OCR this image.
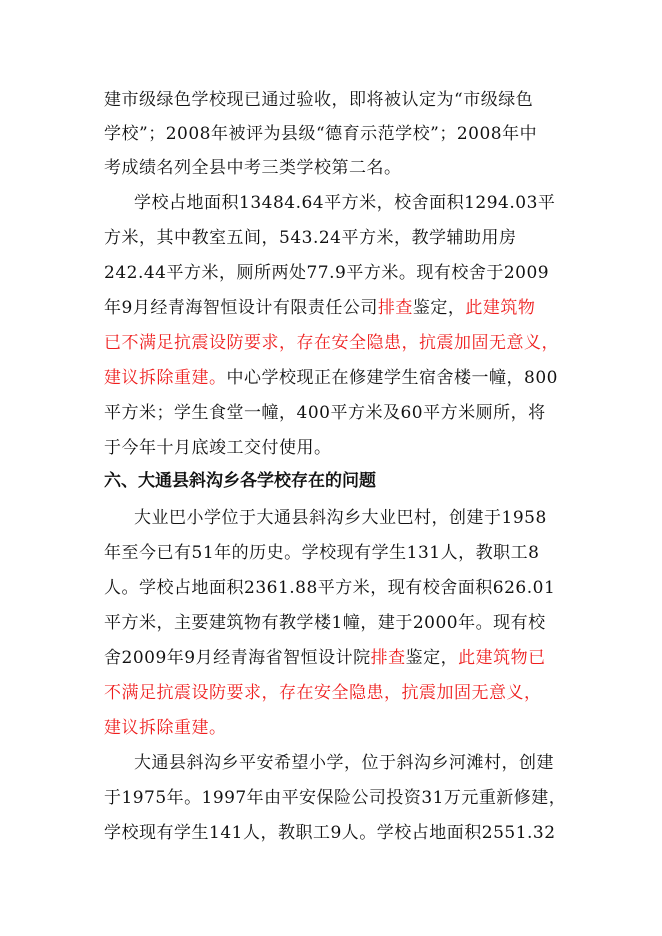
建市级绿色学校现已通过验收，即将被认定为“市级绿色
学校”；2008年被评为县级“德育示范学校”；2008年中
考成绩名列全县中考三类学校第二名。
学校占地面积13484.64平方米，校舍面积1294.03平
方米，其中教室五间，543.24平方米，教学辅助用房
242.44平方米，厕所两处77.9平方米。现有校舍于2009
年9月经青海智恒设计有限责任公司排查鉴定，此建筑物
已不满足抗震设防要求，存在安全隐患，抗震加固无意义，
建议拆除重建。中心学校现正在修建学生宿舍楼一幢，800
平方米；学生食堂一幢，400平方米及60平方米厕所，将
于今年十月底竣工交付使用。
六、大通县斜沟乡各学校存在的问题
大业巴小学位于大通县斜沟乡大业巴村，创建于1958
年至今已有51年的历史。学校现有学生131人，教职工8
人。学校占地面积2361.88平方米，现有校舍面积626.01
平方米，主要建筑物有教学楼1幢，建于2000年。现有校
舍2009年9月经青海省智恒设计院排查鉴定，此建筑物已
不满足抗震设防要求，存在安全隐患，抗震加固无意义，
建议拆除重建。
大通县斜沟乡平安希望小学，位于斜沟乡河滩村，创建
于1975年。1997年由平安保险公司投资31万元重新修建，
学校现有学生141人，教职工9人。学校占地面积2551.32
